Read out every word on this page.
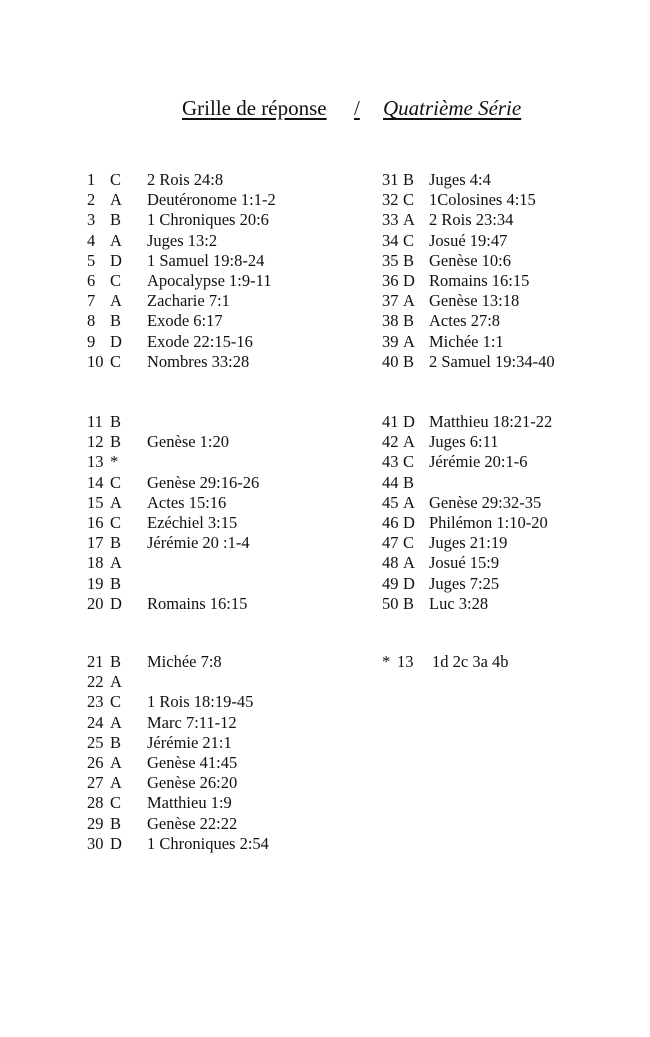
Grille de réponse / Quatrième Série
1 C 2 Rois 24:8
2 A Deutéronome 1:1-2
3 B 1 Chroniques 20:6
4 A Juges 13:2
5 D 1 Samuel 19:8-24
6 C Apocalypse 1:9-11
7 A Zacharie 7:1
8 B Exode 6:17
9 D Exode 22:15-16
10 C Nombres 33:28
11 B
12 B Genèse 1:20
13 *
14 C Genèse 29:16-26
15 A Actes 15:16
16 C Ezéchiel 3:15
17 B Jérémie 20 :1-4
18 A
19 B
20 D Romains 16:15
21 B Michée 7:8
22 A
23 C 1 Rois 18:19-45
24 A Marc 7:11-12
25 B Jérémie 21:1
26 A Genèse 41:45
27 A Genèse 26:20
28 C Matthieu 1:9
29 B Genèse 22:22
30 D 1 Chroniques 2:54
31 B Juges 4:4
32 C 1Colosines 4:15
33 A 2 Rois 23:34
34 C Josué 19:47
35 B Genèse 10:6
36 D Romains 16:15
37 A Genèse 13:18
38 B Actes 27:8
39 A Michée 1:1
40 B 2 Samuel 19:34-40
41 D Matthieu 18:21-22
42 A Juges 6:11
43 C Jérémie 20:1-6
44 B
45 A Genèse 29:32-35
46 D Philémon 1:10-20
47 C Juges 21:19
48 A Josué 15:9
49 D Juges 7:25
50 B Luc 3:28
* 13 1d 2c 3a 4b
